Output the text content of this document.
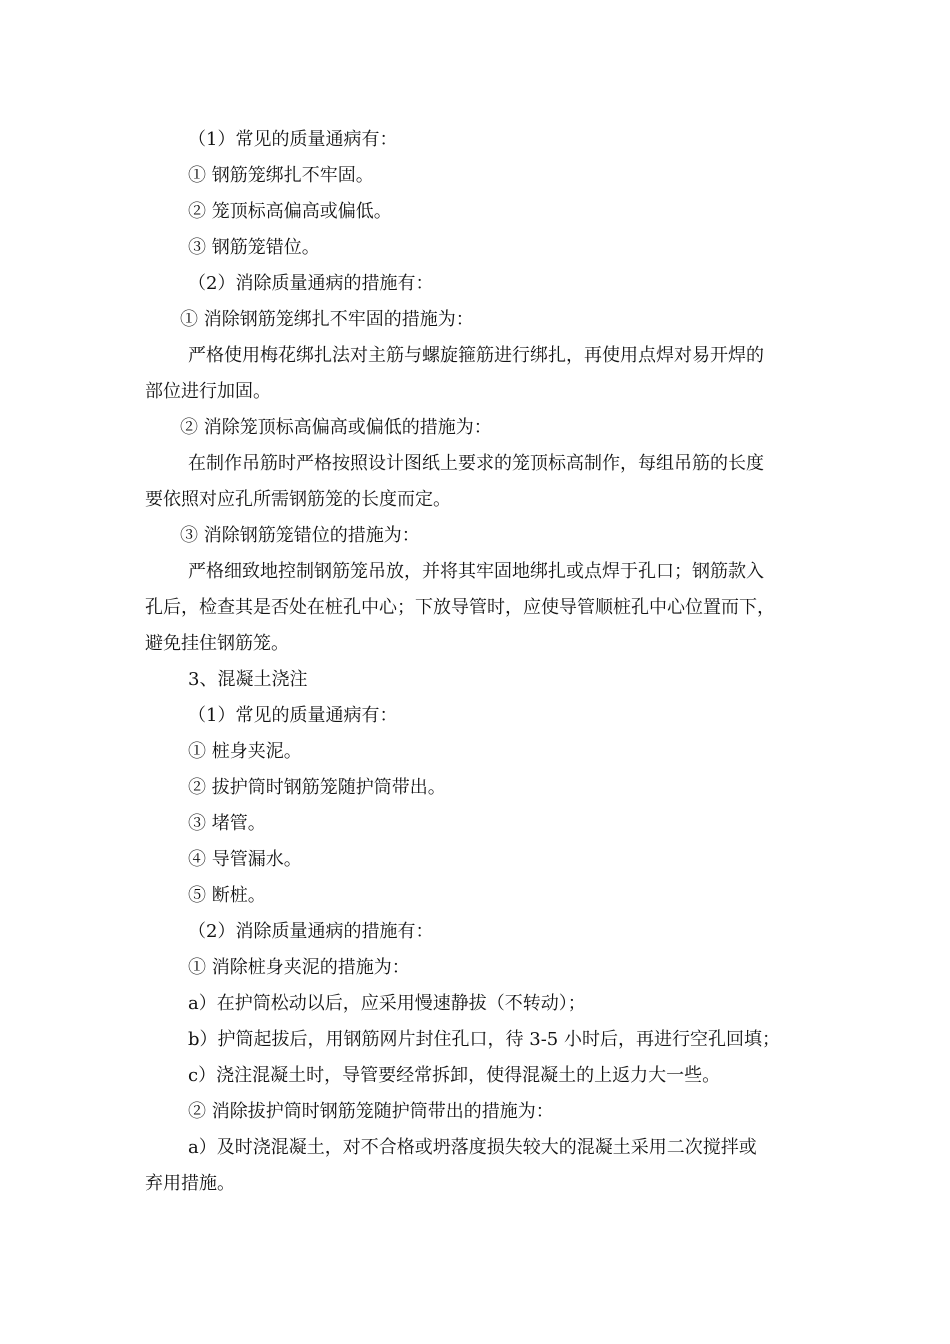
（1）常见的质量通病有：
① 钢筋笼绑扎不牢固。
② 笼顶标高偏高或偏低。
③ 钢筋笼错位。
（2）消除质量通病的措施有：
① 消除钢筋笼绑扎不牢固的措施为：
严格使用梅花绑扎法对主筋与螺旋箍筋进行绑扎，再使用点焊对易开焊的
部位进行加固。
② 消除笼顶标高偏高或偏低的措施为：
在制作吊筋时严格按照设计图纸上要求的笼顶标高制作，每组吊筋的长度
要依照对应孔所需钢筋笼的长度而定。
③ 消除钢筋笼错位的措施为：
严格细致地控制钢筋笼吊放，并将其牢固地绑扎或点焊于孔口；钢筋款入
孔后，检查其是否处在桩孔中心；下放导管时，应使导管顺桩孔中心位置而下，
避免挂住钢筋笼。
3、混凝土浇注
（1）常见的质量通病有：
① 桩身夹泥。
② 拔护筒时钢筋笼随护筒带出。
③ 堵管。
④ 导管漏水。
⑤ 断桩。
（2）消除质量通病的措施有：
① 消除桩身夹泥的措施为：
a）在护筒松动以后，应采用慢速静拔（不转动）；
b）护筒起拔后，用钢筋网片封住孔口，待 3-5 小时后，再进行空孔回填；
c）浇注混凝土时，导管要经常拆卸，使得混凝土的上返力大一些。
② 消除拔护筒时钢筋笼随护筒带出的措施为：
a）及时浇混凝土，对不合格或坍落度损失较大的混凝土采用二次搅拌或
弃用措施。
